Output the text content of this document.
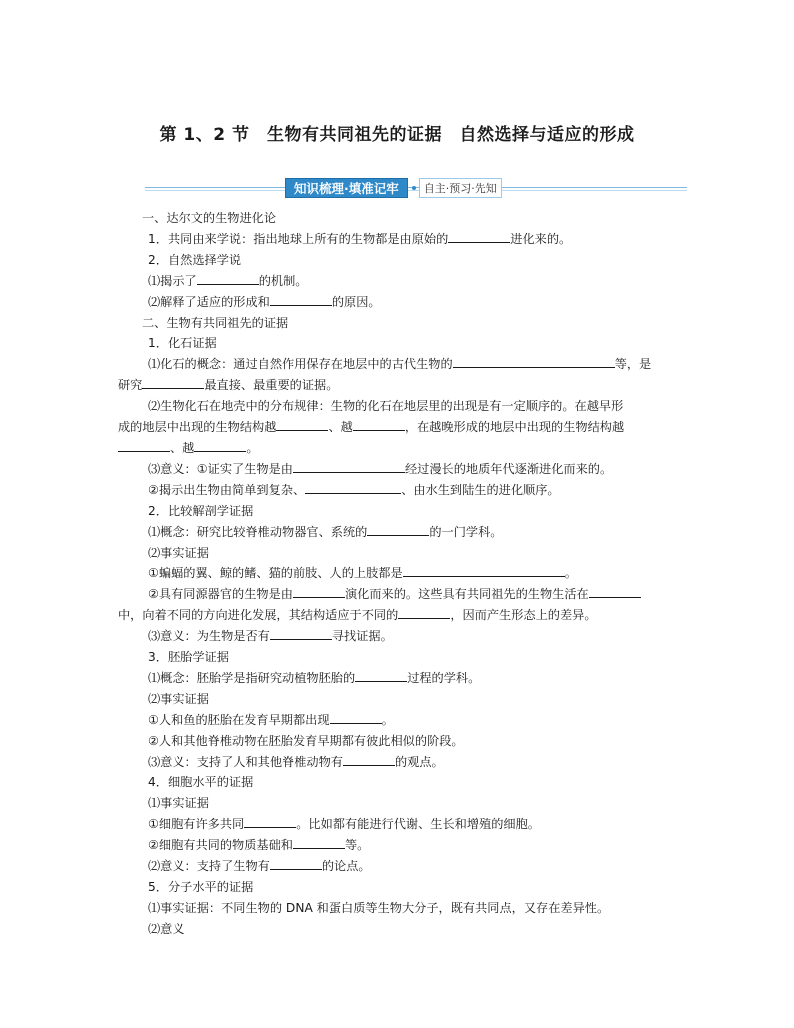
第 1、2 节　生物有共同祖先的证据　自然选择与适应的形成
知识梳理·填准记牢	自主·预习·先知
一、达尔文的生物进化论
1．共同由来学说：指出地球上所有的生物都是由原始的	进化来的。
2．自然选择学说
⑴揭示了	的机制。
⑵解释了适应的形成和	的原因。
二、生物有共同祖先的证据
1．化石证据
⑴化石的概念：通过自然作用保存在地层中的古代生物的	等，是
研究	最直接、最重要的证据。
⑵生物化石在地壳中的分布规律：生物的化石在地层里的出现是有一定顺序的。在越早形
成的地层中出现的生物结构越	、越	，在越晚形成的地层中出现的生物结构越
、越	。
⑶意义：①证实了生物是由	经过漫长的地质年代逐渐进化而来的。
②揭示出生物由简单到复杂、	、由水生到陆生的进化顺序。
2．比较解剖学证据
⑴概念：研究比较脊椎动物器官、系统的	的一门学科。
⑵事实证据
①蝙蝠的翼、鲸的鳍、猫的前肢、人的上肢都是	。
②具有同源器官的生物是由	演化而来的。这些具有共同祖先的生物生活在
中，向着不同的方向进化发展，其结构适应于不同的	，因而产生形态上的差异。
⑶意义：为生物是否有	寻找证据。
3．胚胎学证据
⑴概念：胚胎学是指研究动植物胚胎的	过程的学科。
⑵事实证据
①人和鱼的胚胎在发育早期都出现	。
②人和其他脊椎动物在胚胎发育早期都有彼此相似的阶段。
⑶意义：支持了人和其他脊椎动物有	的观点。
4．细胞水平的证据
⑴事实证据
①细胞有许多共同	。比如都有能进行代谢、生长和增殖的细胞。
②细胞有共同的物质基础和	等。
⑵意义：支持了生物有	的论点。
5．分子水平的证据
⑴事实证据：不同生物的 DNA 和蛋白质等生物大分子，既有共同点，又存在差异性。
⑵意义
